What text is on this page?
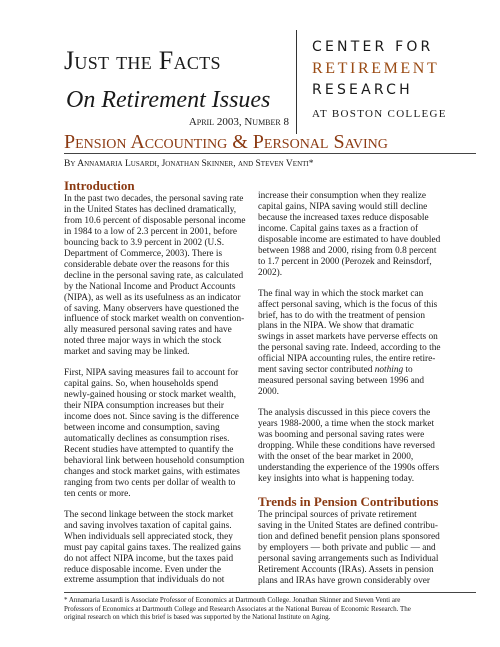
Just the Facts
On Retirement Issues
April 2003, Number 8
CENTER FOR
RETIREMENT
RESEARCH
AT BOSTON COLLEGE
Pension Accounting & Personal Saving
By Annamaria Lusardi, Jonathan Skinner, and Steven Venti*
Introduction

In the past two decades, the personal saving rate
in the United States has declined dramatically,
from 10.6 percent of disposable personal income
in 1984 to a low of 2.3 percent in 2001, before
bouncing back to 3.9 percent in 2002 (U.S.
Department of Commerce, 2003). There is
considerable debate over the reasons for this
decline in the personal saving rate, as calculated
by the National Income and Product Accounts
(NIPA), as well as its usefulness as an indicator
of saving. Many observers have questioned the
influence of stock market wealth on convention-
ally measured personal saving rates and have
noted three major ways in which the stock
market and saving may be linked.

First, NIPA saving measures fail to account for
capital gains. So, when households spend
newly-gained housing or stock market wealth,
their NIPA consumption increases but their
income does not. Since saving is the difference
between income and consumption, saving
automatically declines as consumption rises.
Recent studies have attempted to quantify the
behavioral link between household consumption
changes and stock market gains, with estimates
ranging from two cents per dollar of wealth to
ten cents or more.

The second linkage between the stock market
and saving involves taxation of capital gains.
When individuals sell appreciated stock, they
must pay capital gains taxes. The realized gains
do not affect NIPA income, but the taxes paid
reduce disposable income. Even under the
extreme assumption that individuals do not

increase their consumption when they realize
capital gains, NIPA saving would still decline
because the increased taxes reduce disposable
income. Capital gains taxes as a fraction of
disposable income are estimated to have doubled
between 1988 and 2000, rising from 0.8 percent
to 1.7 percent in 2000 (Perozek and Reinsdorf,
2002).

The final way in which the stock market can
affect personal saving, which is the focus of this
brief, has to do with the treatment of pension
plans in the NIPA. We show that dramatic
swings in asset markets have perverse effects on
the personal saving rate. Indeed, according to the
official NIPA accounting rules, the entire retire-
ment saving sector contributed nothing to
measured personal saving between 1996 and
2000.

The analysis discussed in this piece covers the
years 1988-2000, a time when the stock market
was booming and personal saving rates were
dropping. While these conditions have reversed
with the onset of the bear market in 2000,
understanding the experience of the 1990s offers
key insights into what is happening today.

Trends in Pension Contributions

The principal sources of private retirement
saving in the United States are defined contribu-
tion and defined benefit pension plans sponsored
by employers — both private and public — and
personal saving arrangements such as Individual
Retirement Accounts (IRAs). Assets in pension
plans and IRAs have grown considerably over

* Annamaria Lusardi is Associate Professor of Economics at Dartmouth College. Jonathan Skinner and Steven Venti are
Professors of Economics at Dartmouth College and Research Associates at the National Bureau of Economic Research. The
original research on which this brief is based was supported by the National Institute on Aging.
